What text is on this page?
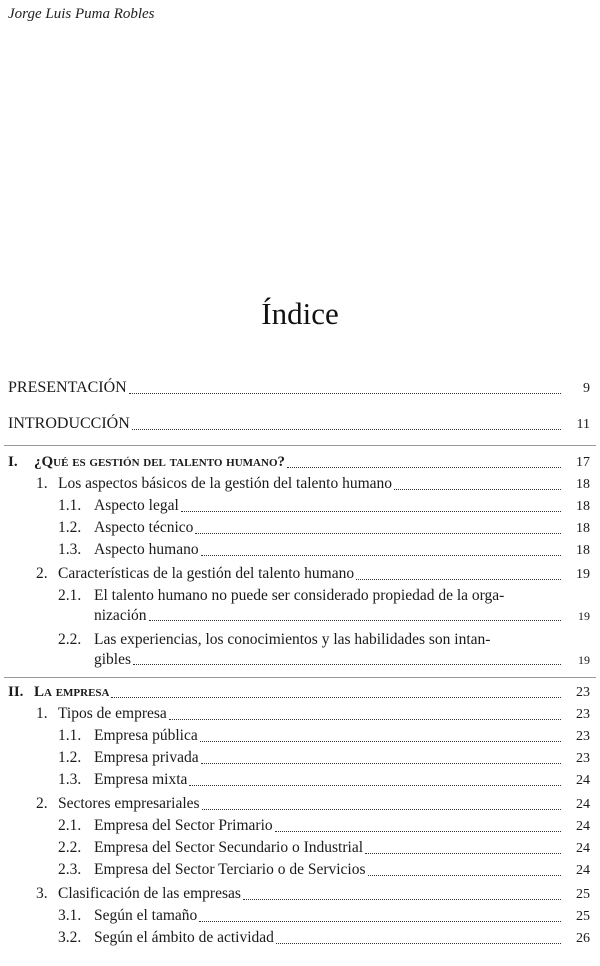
Jorge Luis Puma Robles
Índice
PRESENTACIÓN	9
INTRODUCCIÓN	11
I.	¿Qué es gestión del talento humano?	17
1. Los aspectos básicos de la gestión del talento humano	18
1.1. Aspecto legal	18
1.2. Aspecto técnico	18
1.3. Aspecto humano	18
2. Características de la gestión del talento humano	19
2.1. El talento humano no puede ser considerado propiedad de la orga-
nización	19
2.2. Las experiencias, los conocimientos y las habilidades son intan-
gibles	19
II. La empresa	23
1. Tipos de empresa	23
1.1. Empresa pública	23
1.2. Empresa privada	23
1.3. Empresa mixta	24
2. Sectores empresariales	24
2.1. Empresa del Sector Primario	24
2.2. Empresa del Sector Secundario o Industrial	24
2.3. Empresa del Sector Terciario o de Servicios	24
3. Clasificación de las empresas	25
3.1. Según el tamaño	25
3.2. Según el ámbito de actividad	26
